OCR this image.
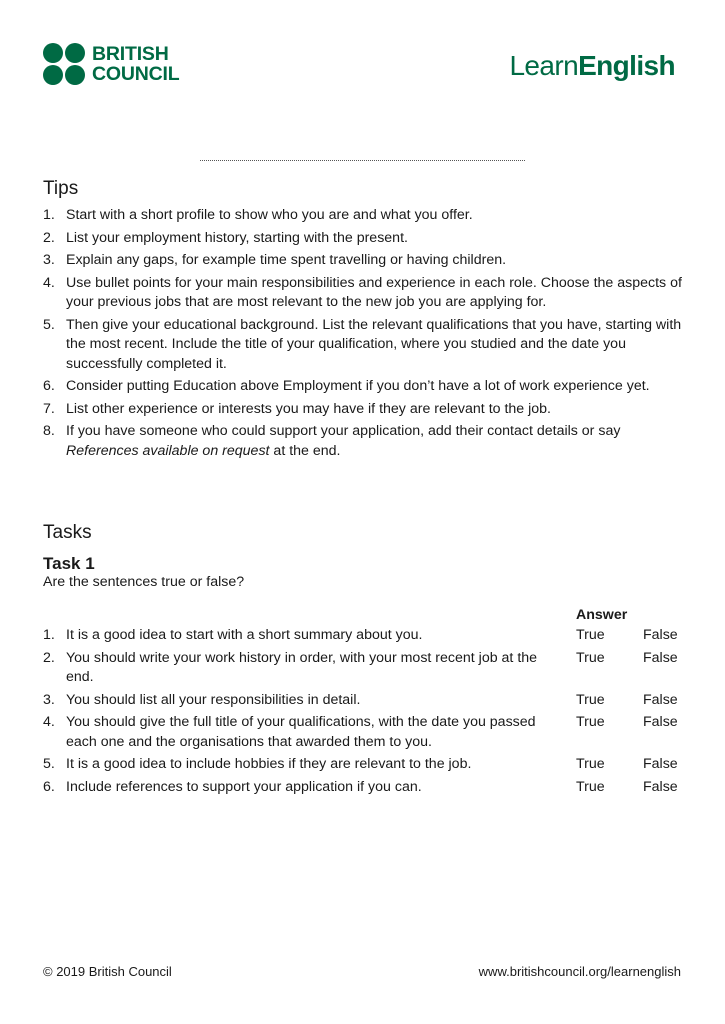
BRITISH
COUNCIL	LearnEnglish
Tips
1. Start with a short profile to show who you are and what you offer.
2. List your employment history, starting with the present.
3. Explain any gaps, for example time spent travelling or having children.
4. Use bullet points for your main responsibilities and experience in each role. Choose the aspects of your previous jobs that are most relevant to the new job you are applying for.
5. Then give your educational background. List the relevant qualifications that you have, starting with the most recent. Include the title of your qualification, where you studied and the date you successfully completed it.
6. Consider putting Education above Employment if you don’t have a lot of work experience yet.
7. List other experience or interests you may have if they are relevant to the job.
8. If you have someone who could support your application, add their contact details or say References available on request at the end.
Tasks
Task 1
Are the sentences true or false?
Answer
1. It is a good idea to start with a short summary about you.	True	False
2. You should write your work history in order, with your most recent job at the end.
True	False
3. You should list all your responsibilities in detail.	True	False
4. You should give the full title of your qualifications, with the date you passed each one and the organisations that awarded them to you.
True	False
5. It is a good idea to include hobbies if they are relevant to the job.	True	False
6. Include references to support your application if you can.	True	False
© 2019 British Council	www.britishcouncil.org/learnenglish
